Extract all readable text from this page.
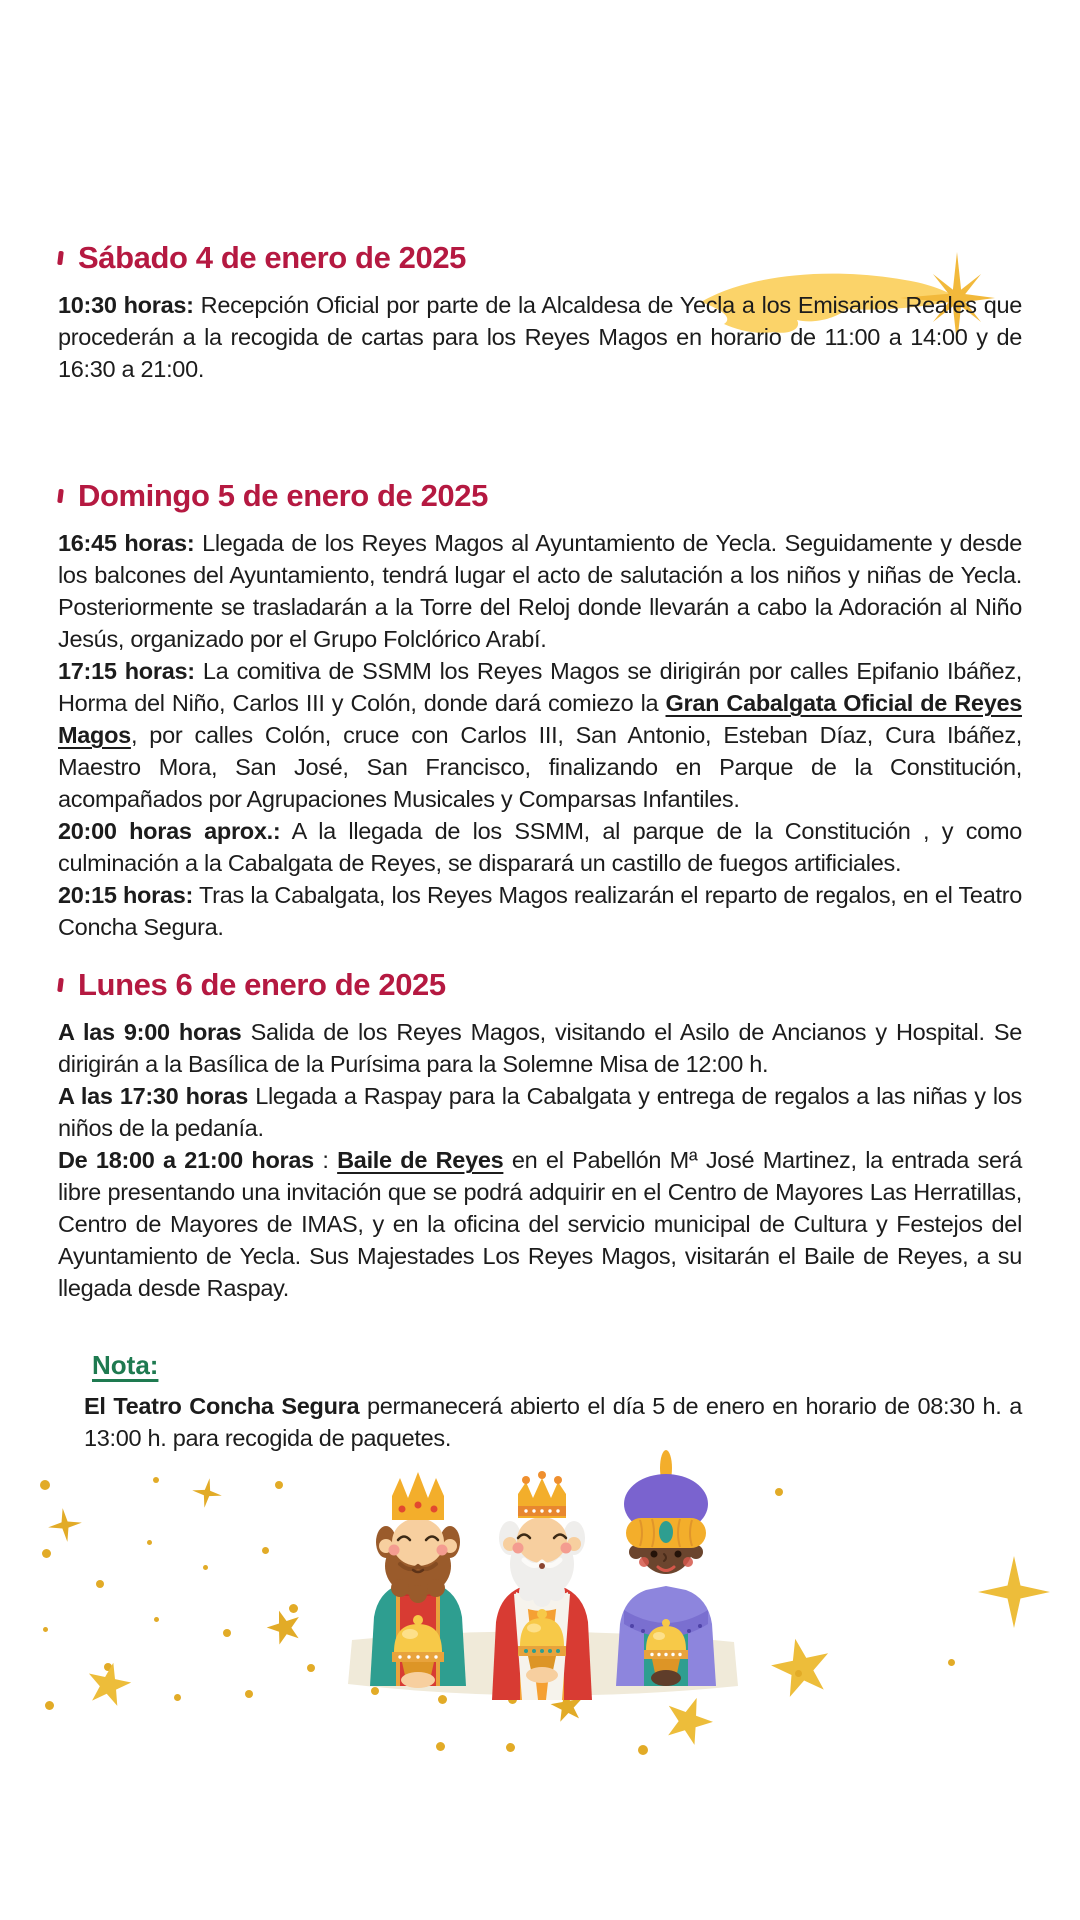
Sábado 4 de enero de 2025

10:30 horas: Recepción Oficial por parte de la Alcaldesa de Yecla a los Emisarios Reales que procederán a la recogida de cartas para los Reyes Magos en horario de 11:00 a 14:00 y de 16:30 a 21:00.

Domingo 5 de enero de 2025

16:45 horas: Llegada de los Reyes Magos al Ayuntamiento de Yecla. Seguidamente y desde los balcones del Ayuntamiento, tendrá lugar el acto de salutación a los niños y niñas de Yecla. Posteriormente se trasladarán a la Torre del Reloj donde llevarán a cabo la Adoración al Niño Jesús, organizado por el Grupo Folclórico Arabí.

17:15 horas: La comitiva de SSMM los Reyes Magos se dirigirán por calles Epifanio Ibáñez, Horma del Niño, Carlos III y Colón, donde dará comiezo la Gran Cabalgata Oficial de Reyes Magos, por calles Colón, cruce con Carlos III, San Antonio, Esteban Díaz, Cura Ibáñez, Maestro Mora, San José, San Francisco, finalizando en Parque de la Constitución, acompañados por Agrupaciones Musicales y Comparsas Infantiles.

20:00 horas aprox.: A la llegada de los SSMM, al parque de la Constitución , y como culminación a la Cabalgata de Reyes, se disparará un castillo de fuegos artificiales.

20:15 horas: Tras la Cabalgata, los Reyes Magos realizarán el reparto de regalos, en el Teatro Concha Segura.

Lunes 6 de enero de 2025

A las 9:00 horas Salida de los Reyes Magos, visitando el Asilo de Ancianos y Hospital. Se dirigirán a la Basílica de la Purísima para la Solemne Misa de 12:00 h.

A las 17:30 horas Llegada a Raspay para la Cabalgata y entrega de regalos a las niñas y los niños de la pedanía.

De 18:00 a 21:00 horas : Baile de Reyes en el Pabellón Mª José Martinez, la entrada será libre presentando una invitación que se podrá adquirir en el Centro de Mayores Las Herratillas, Centro de Mayores de IMAS, y en la oficina del servicio municipal de Cultura y Festejos del Ayuntamiento de Yecla. Sus Majestades Los Reyes Magos, visitarán el Baile de Reyes, a su llegada desde Raspay.

Nota:

El Teatro Concha Segura permanecerá abierto el día 5 de enero en horario de 08:30 h. a 13:00 h. para recogida de paquetes.
